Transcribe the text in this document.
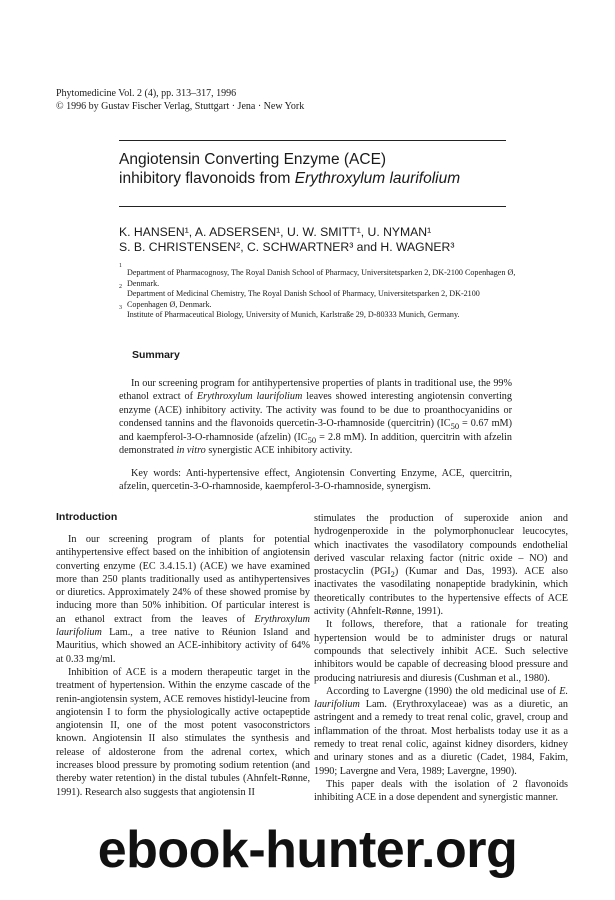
Phytomedicine Vol. 2 (4), pp. 313–317, 1996
© 1996 by Gustav Fischer Verlag, Stuttgart · Jena · New York
Angiotensin Converting Enzyme (ACE)
inhibitory flavonoids from Erythroxylum laurifolium
K. HANSEN¹, A. ADSERSEN¹, U. W. SMITT¹, U. NYMAN¹
S. B. CHRISTENSEN², C. SCHWARTNER³ and H. WAGNER³
1
Department of Pharmacognosy, The Royal Danish School of Pharmacy, Universitetsparken 2, DK-2100 Copenhagen Ø, Denmark.
2
Department of Medicinal Chemistry, The Royal Danish School of Pharmacy, Universitetsparken 2, DK-2100 Copenhagen Ø, Denmark.
3
Institute of Pharmaceutical Biology, University of Munich, Karlstraße 29, D-80333 Munich, Germany.
Summary

In our screening program for antihypertensive properties of plants in traditional use, the 99% ethanol extract of Erythroxylum laurifolium leaves showed interesting angiotensin converting enzyme (ACE) inhibitory activity. The activity was found to be due to proanthocyanidins or condensed tannins and the flavonoids quercetin-3-O-rhamnoside (quercitrin) ($IC_{50} = 0.67$ mM) and kaempferol-3-O-rhamnoside (afzelin) ($IC_{50} = 2.8$ mM). In addition, quercitrin with afzelin demonstrated in vitro synergistic ACE inhibitory activity.

Key words: Anti-hypertensive effect, Angiotensin Converting Enzyme, ACE, quercitrin, afzelin, quercetin-3-O-rhamnoside, kaempferol-3-O-rhamnoside, synergism.

Introduction

In our screening program of plants for potential antihypertensive effect based on the inhibition of angiotensin converting enzyme (EC 3.4.15.1) (ACE) we have examined more than 250 plants traditionally used as antihypertensives or diuretics. Approximately 24% of these showed promise by inducing more than 50% inhibition. Of particular interest is an ethanol extract from the leaves of Erythroxylum laurifolium Lam., a tree native to Réunion Island and Mauritius, which showed an ACE-inhibitory activity of 64% at 0.33 mg/ml.

Inhibition of ACE is a modern therapeutic target in the treatment of hypertension. Within the enzyme cascade of the renin-angiotensin system, ACE removes histidyl-leucine from angiotensin I to form the physiologically active octapeptide angiotensin II, one of the most potent vasoconstrictors known. Angiotensin II also stimulates the synthesis and release of aldosterone from the adrenal cortex, which increases blood pressure by promoting sodium retention (and thereby water retention) in the distal tubules (Ahnfelt-Rønne, 1991). Research also suggests that angiotensin II

stimulates the production of superoxide anion and hydrogenperoxide in the polymorphonuclear leucocytes, which inactivates the vasodilatory compounds endothelial derived vascular relaxing factor (nitric oxide – NO) and prostacyclin $(PGI_2)$ (Kumar and Das, 1993). ACE also inactivates the vasodilating nonapeptide bradykinin, which theoretically contributes to the hypertensive effects of ACE activity (Ahnfelt-Rønne, 1991).

It follows, therefore, that a rationale for treating hypertension would be to administer drugs or natural compounds that selectively inhibit ACE. Such selective inhibitors would be capable of decreasing blood pressure and producing natriuresis and diuresis (Cushman et al., 1980).

According to Lavergne (1990) the old medicinal use of E. laurifolium Lam. (Erythroxylaceae) was as a diuretic, an astringent and a remedy to treat renal colic, gravel, croup and inflammation of the throat. Most herbalists today use it as a remedy to treat renal colic, against kidney disorders, kidney and urinary stones and as a diuretic (Cadet, 1984, Fakim, 1990; Lavergne and Vera, 1989; Lavergne, 1990).

This paper deals with the isolation of 2 flavonoids inhibiting ACE in a dose dependent and synergistic manner.

ebook-hunter.org
